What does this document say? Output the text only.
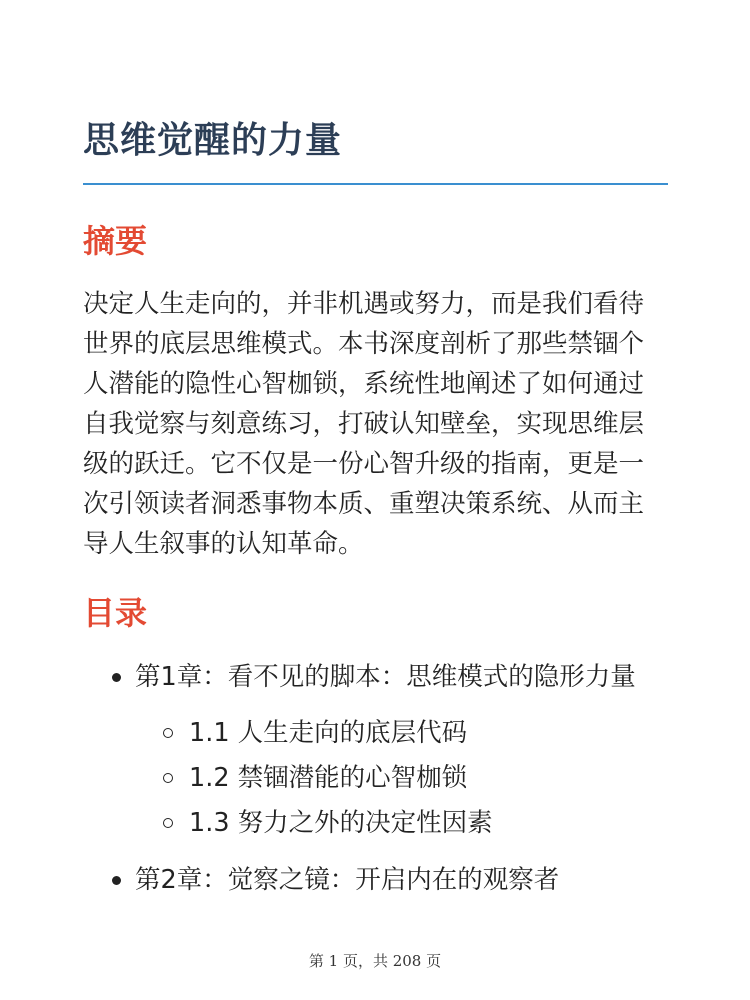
思维觉醒的力量
摘要

决定人生走向的，并非机遇或努力，而是我们看待
世界的底层思维模式。本书深度剖析了那些禁锢个
人潜能的隐性心智枷锁，系统性地阐述了如何通过
自我觉察与刻意练习，打破认知壁垒，实现思维层
级的跃迁。它不仅是一份心智升级的指南，更是一
次引领读者洞悉事物本质、重塑决策系统、从而主
导人生叙事的认知革命。

目录
第1章：看不见的脚本：思维模式的隐形力量
1.1 人生走向的底层代码
1.2 禁锢潜能的心智枷锁
1.3 努力之外的决定性因素
第2章：觉察之镜：开启内在的观察者
第 1 页，共 208 页
